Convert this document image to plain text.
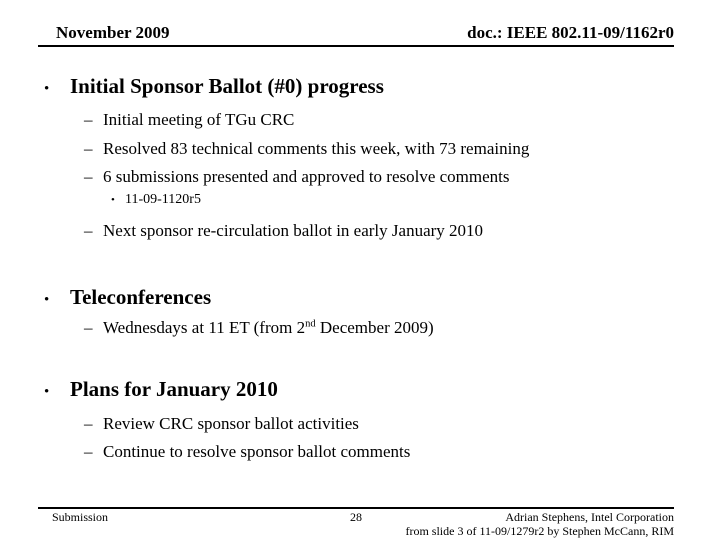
November 2009	doc.: IEEE 802.11-09/1162r0
• Initial Sponsor Ballot (#0) progress
– Initial meeting of TGu CRC
– Resolved 83 technical comments this week, with 73 remaining
– 6 submissions presented and approved to resolve comments
• 11-09-1120r5
– Next sponsor re-circulation ballot in early January 2010
• Teleconferences
– Wednesdays at 11 ET (from 2nd December 2009)
• Plans for January 2010
– Review CRC sponsor ballot activities
– Continue to resolve sponsor ballot comments
Submission	28	Adrian Stephens, Intel Corporation
from slide 3 of 11-09/1279r2 by Stephen McCann, RIM
